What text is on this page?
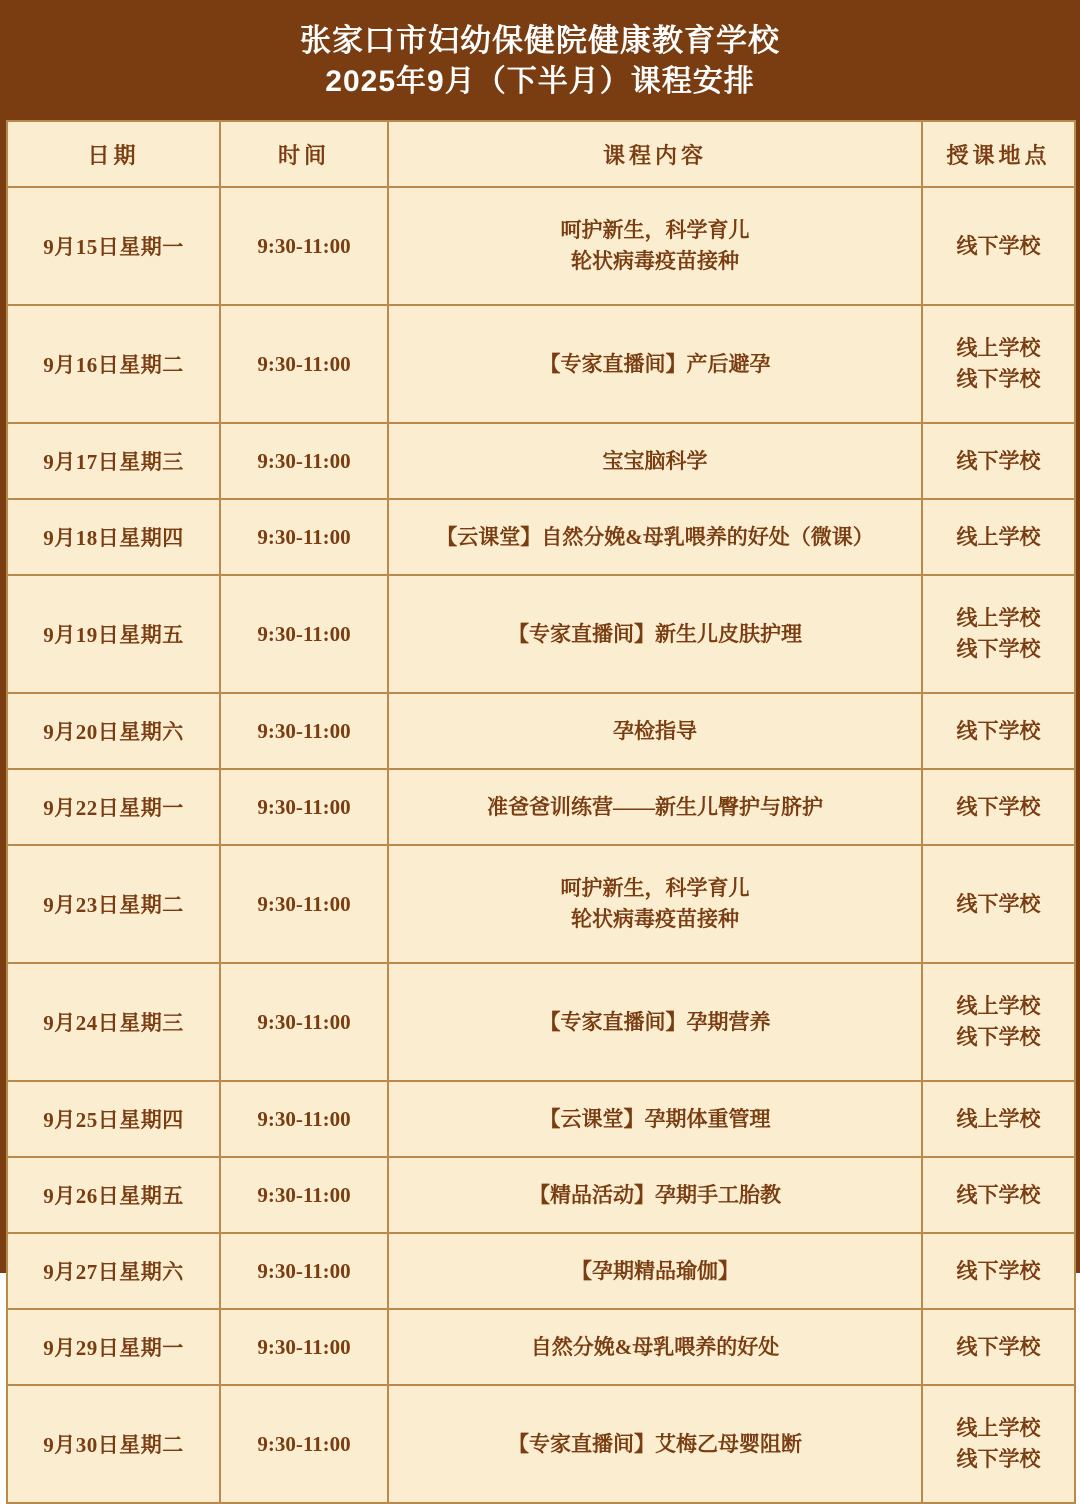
张家口市妇幼保健院健康教育学校
2025年9月（下半月）课程安排
日期	时间	课程内容	授课地点
9月15日星期一	9:30-11:00	呵护新生，科学育儿
轮状病毒疫苗接种	线下学校
9月16日星期二	9:30-11:00	【专家直播间】产后避孕	线上学校
线下学校
9月17日星期三	9:30-11:00	宝宝脑科学	线下学校
9月18日星期四	9:30-11:00	【云课堂】自然分娩&母乳喂养的好处（微课）	线上学校
9月19日星期五	9:30-11:00	【专家直播间】新生儿皮肤护理	线上学校
线下学校
9月20日星期六	9:30-11:00	孕检指导	线下学校
9月22日星期一	9:30-11:00	准爸爸训练营——新生儿臀护与脐护	线下学校
9月23日星期二	9:30-11:00	呵护新生，科学育儿
轮状病毒疫苗接种	线下学校
9月24日星期三	9:30-11:00	【专家直播间】孕期营养	线上学校
线下学校
9月25日星期四	9:30-11:00	【云课堂】孕期体重管理	线上学校
9月26日星期五	9:30-11:00	【精品活动】孕期手工胎教	线下学校
9月27日星期六	9:30-11:00	【孕期精品瑜伽】	线下学校
9月29日星期一	9:30-11:00	自然分娩&母乳喂养的好处	线下学校
9月30日星期二	9:30-11:00	【专家直播间】艾梅乙母婴阻断	线上学校
线下学校
